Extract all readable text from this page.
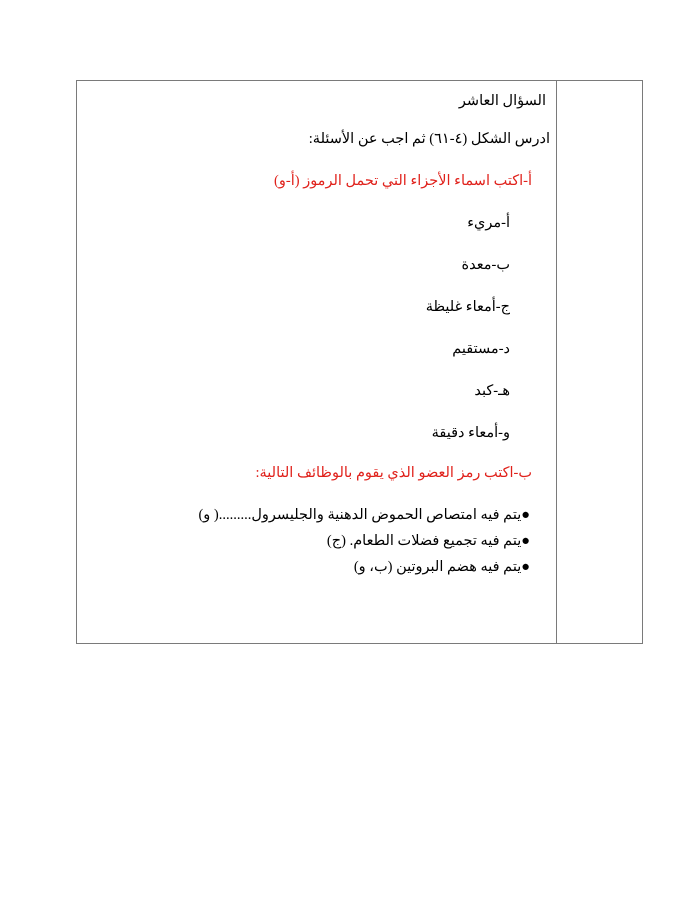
السؤال العاشر
ادرس الشكل (٤-٦١) ثم اجب عن الأسئلة:
أ-اكتب اسماء الأجزاء التي تحمل الرموز (أ-و)
أ-مريء
ب-معدة
ج-أمعاء غليظة
د-مستقيم
هـ-كبد
و-أمعاء دقيقة
ب-اكتب رمز العضو الذي يقوم بالوظائف التالية:
●يتم فيه امتصاص الحموض الدهنية والجليسرول.........( و)
●يتم فيه تجميع فضلات الطعام. (ج)
●يتم فيه هضم البروتين (ب، و)
